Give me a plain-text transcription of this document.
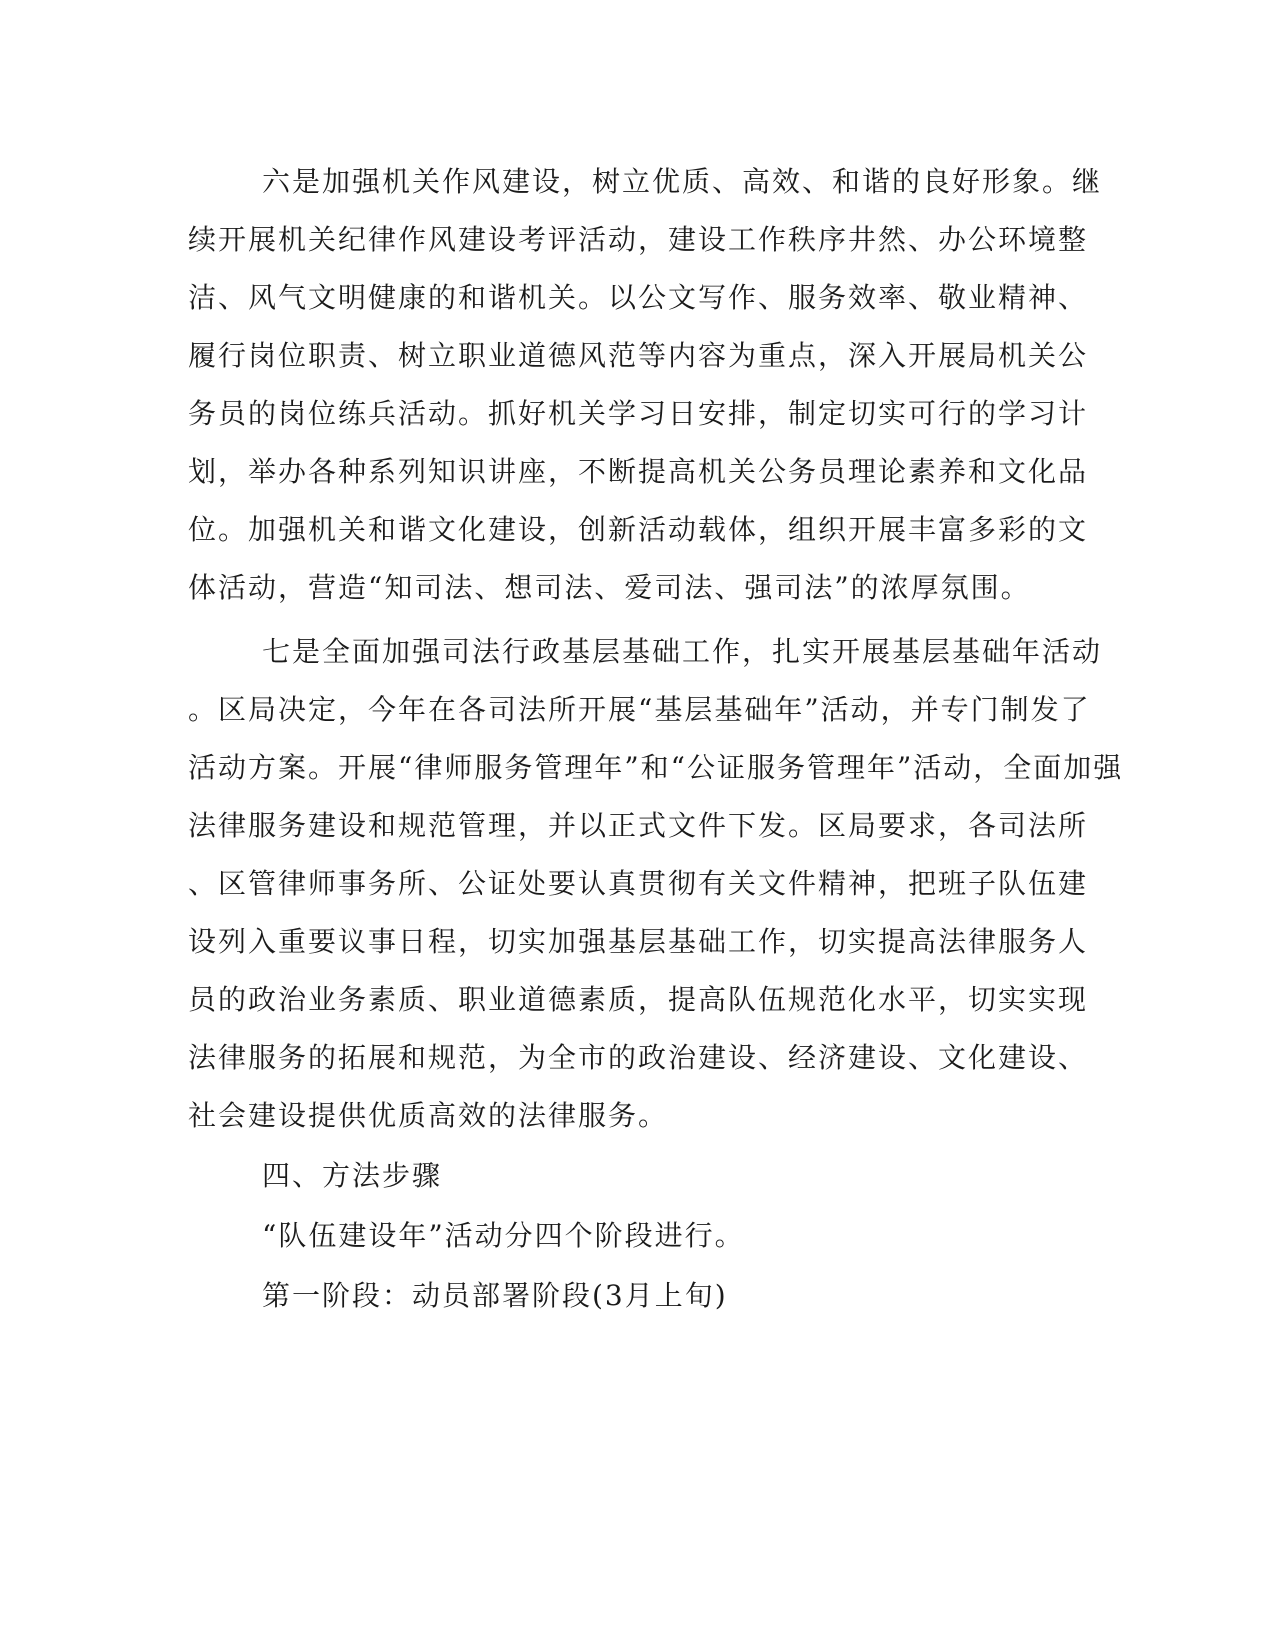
六是加强机关作风建设，树立优质、高效、和谐的良好形象。继
续开展机关纪律作风建设考评活动，建设工作秩序井然、办公环境整
洁、风气文明健康的和谐机关。以公文写作、服务效率、敬业精神、
履行岗位职责、树立职业道德风范等内容为重点，深入开展局机关公
务员的岗位练兵活动。抓好机关学习日安排，制定切实可行的学习计
划，举办各种系列知识讲座，不断提高机关公务员理论素养和文化品
位。加强机关和谐文化建设，创新活动载体，组织开展丰富多彩的文
体活动，营造“知司法、想司法、爱司法、强司法”的浓厚氛围。
七是全面加强司法行政基层基础工作，扎实开展基层基础年活动
。区局决定，今年在各司法所开展“基层基础年”活动，并专门制发了
活动方案。开展“律师服务管理年”和“公证服务管理年”活动，全面加强
法律服务建设和规范管理，并以正式文件下发。区局要求，各司法所
、区管律师事务所、公证处要认真贯彻有关文件精神，把班子队伍建
设列入重要议事日程，切实加强基层基础工作，切实提高法律服务人
员的政治业务素质、职业道德素质，提高队伍规范化水平，切实实现
法律服务的拓展和规范，为全市的政治建设、经济建设、文化建设、
社会建设提供优质高效的法律服务。
四、方法步骤
“队伍建设年”活动分四个阶段进行。
第一阶段：动员部署阶段(3月上旬)
